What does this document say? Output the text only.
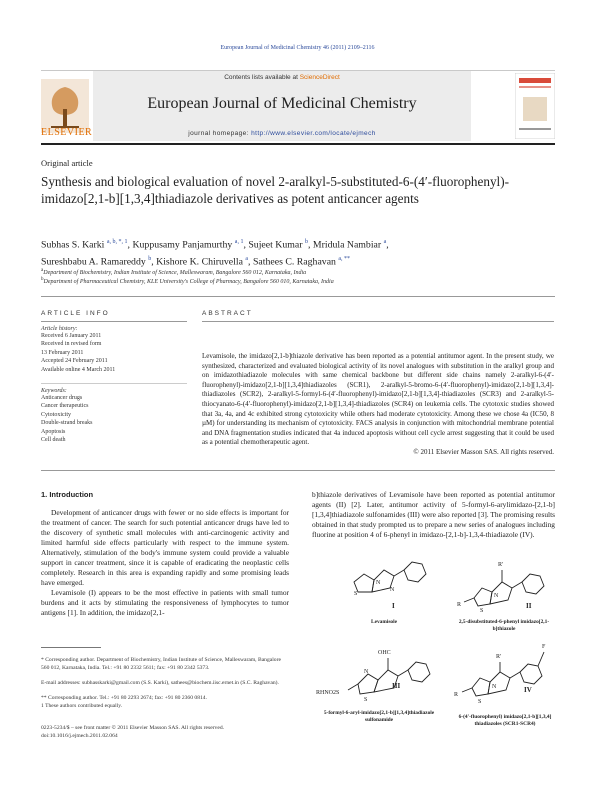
European Journal of Medicinal Chemistry 46 (2011) 2109–2116
ELSEVIER
Contents lists available at ScienceDirect
European Journal of Medicinal Chemistry
journal homepage: http://www.elsevier.com/locate/ejmech
Original article
Synthesis and biological evaluation of novel 2-aralkyl-5-substituted-6-(4′-fluorophenyl)-imidazo[2,1-b][1,3,4]thiadiazole derivatives as potent anticancer agents
Subhas S. Karki $^{a, b, *, 1}$, Kuppusamy Panjamurthy $^{a, 1}$, Sujeet Kumar $^b$, Mridula Nambiar $^a$,
Sureshbabu A. Ramareddy $^b$, Kishore K. Chiruvella $^a$, Sathees C. Raghavan $^{a, **}$
$^a$Department of Biochemistry, Indian Institute of Science, Malleswaram, Bangalore 560 012, Karnataka, India
$^b$Department of Pharmaceutical Chemistry, KLE University's College of Pharmacy, Bangalore 560 010, Karnataka, India
ARTICLE INFO	ABSTRACT
Article history:
Received 6 January 2011
Received in revised form
13 February 2011
Accepted 24 February 2011
Available online 4 March 2011
Keywords:
Anticancer drugs
Cancer therapeutics
Cytotoxicity
Double-strand breaks
Apoptosis
Cell death
Levamisole, the imidazo[2,1-b]thiazole derivative has been reported as a potential antitumor agent. In the present study, we synthesized, characterized and evaluated biological activity of its novel analogues with substitution in the aralkyl group and on imidazothiadiazole molecules with same chemical backbone but different side chains namely 2-aralkyl-6-(4′-fluorophenyl)-imidazo[2,1-b][1,3,4]thiadiazoles (SCR1), 2-aralkyl-5-bromo-6-(4′-fluorophenyl)-imidazo[2,1-b][1,3,4]-thiadiazoles (SCR2), 2-aralkyl-5-formyl-6-(4′-fluorophenyl)-imidazo[2,1-b][1,3,4]-thiadiazoles (SCR3) and 2-aralkyl-5-thiocyanato-6-(4′-fluorophenyl)-imidazo[2,1-b][1,3,4]-thiadiazoles (SCR4) on leukemia cells. The cytotoxic studies showed that 3a, 4a, and 4c exhibited strong cytotoxicity while others had moderate cytotoxicity. Among these we chose 4a (IC50, 8 µM) for understanding its mechanism of cytotoxicity. FACS analysis in conjunction with mitochondrial membrane potential and DNA fragmentation studies indicated that 4a induced apoptosis without cell cycle arrest suggesting that it could be used as a potential chemotherapeutic agent.
© 2011 Elsevier Masson SAS. All rights reserved.
1. Introduction

Development of anticancer drugs with fewer or no side effects is important for the treatment of cancer. The search for such potential anticancer drugs have led to the discovery of synthetic small molecules with anti-carcinogenic activity and limited harmful side effects particularly with respect to the immune system. Alternatively, stimulation of the body's immune system could provide a valuable support in cancer treatment, since it is capable of eradicating the neoplastic cells completely. Research in this area is expanding rapidly and some promising leads have emerged.

Levamisole (I) appears to be the most effective in patients with small tumor burdens and it acts by stimulating the responsiveness of lymphocytes to tumor antigens [1]. In addition, the imidazo[2,1-

b]thiazole derivatives of Levamisole have been reported as potential antitumor agents (II) [2]. Later, antitumor activity of 5-formyl-6-arylimidazo-[2,1-b][1,3,4]thiadiazole sulfonamides (III) were also reported [3]. The promising results obtained in that study prompted us to prepare a new series of analogues including fluorine at position 4 of 6-phenyl in imidazo-[2,1-b]-1,3,4-thiadiazole (IV).

* Corresponding author. Department of Biochemistry, Indian Institute of Science, Malleswaram, Bangalore 560 012, Karnataka, India. Tel.: +91 80 2332 5611; fax: +91 80 2342 5373.
E-mail addresses: subhasskarki@gmail.com (S.S. Karki), sathees@biochem.iisc.ernet.in (S.C. Raghavan).
** Corresponding author. Tel.: +91 80 2293 2674; fax: +91 80 2360 0814.
1 These authors contributed equally.
0223-5234/$ – see front matter © 2011 Elsevier Masson SAS. All rights reserved.
doi:10.1016/j.ejmech.2011.02.064
S
N
N
I
Levamisole
R'
R
S
N
II
2,5-disubstituted-6-phenyl imidazo[2,1-b]thiazole
OHC
RHNO2S
S
N
III
5-formyl-6-aryl-imidazo[2,1-b][1,3,4]thiadiazole sulfonamide
R'
F
R
S
N	IV
6-(4′-fluorophenyl) imidazo[2,1-b][1,3,4] thiadiazoles (SCR1-SCR4)
